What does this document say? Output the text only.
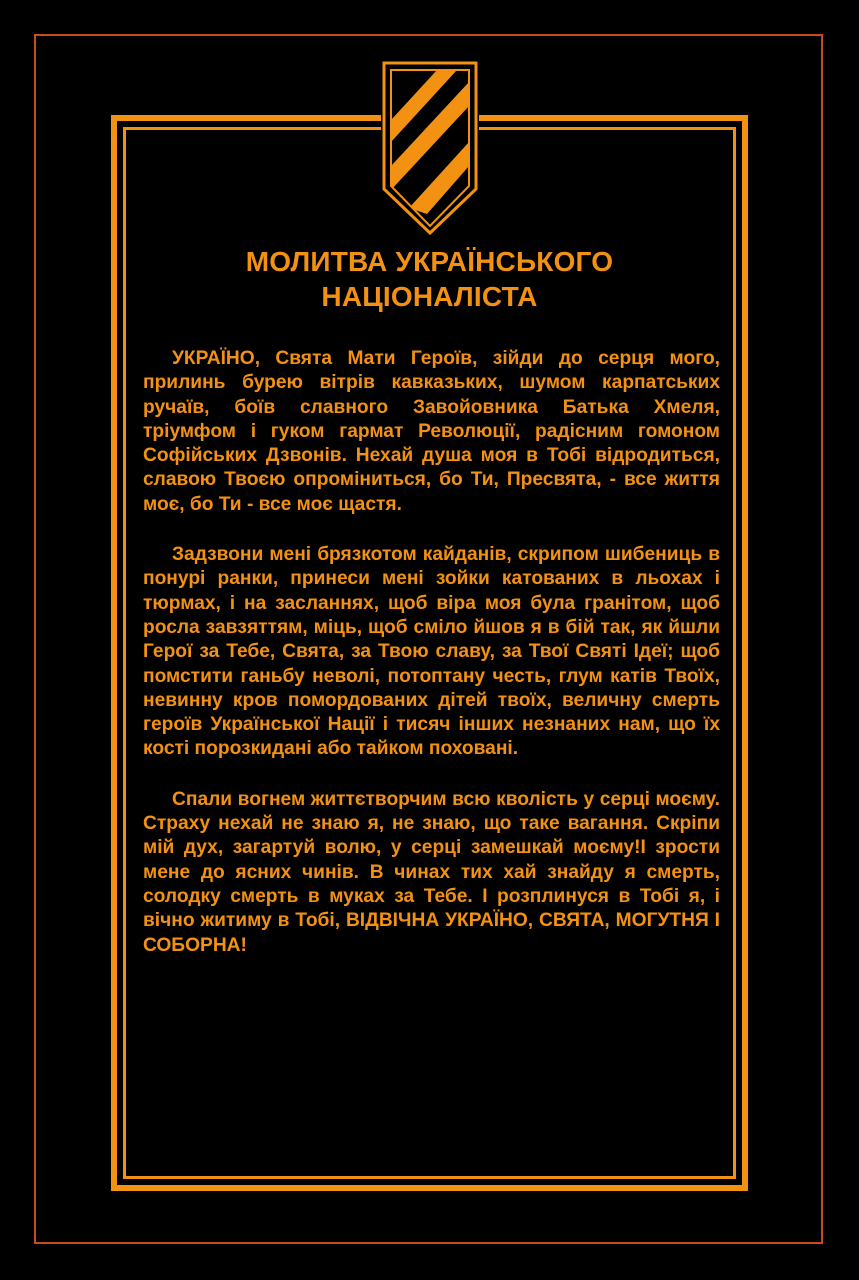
МОЛИТВА УКРАЇНСЬКОГО
НАЦІОНАЛІСТА

УКРАЇНО, Свята Мати Героїв, зійди до серця мого, прилинь бурею вітрів кавказьких, шумом карпатських ручаїв, боїв славного Завойовника Батька Хмеля, тріумфом і гуком гармат Революції, радісним гомоном Софійських Дзвонів. Нехай душа моя в Тобі відродиться, славою Твоєю опроміниться, бо Ти, Пресвята, - все життя моє, бо Ти - все моє щастя.

Задзвони мені брязкотом кайданів, скрипом шибениць в понурі ранки, принеси мені зойки катованих в льохах і тюрмах, і на засланнях, щоб віра моя була гранітом, щоб росла завзяттям, міць, щоб сміло йшов я в бій так, як йшли Герої за Тебе, Свята, за Твою славу, за Твої Святі Ідеї; щоб помстити ганьбу неволі, потоптану честь, глум катів Твоїх, невинну кров помордованих дітей твоїх, величну смерть героїв Української Нації і тисяч інших незнаних нам, що їх кості порозкидані або тайком поховані.

Спали вогнем життєтворчим всю кволість у серці моєму. Страху нехай не знаю я, не знаю, що таке вагання. Скріпи мій дух, загартуй волю, у серці замешкай моєму!І зрости мене до ясних чинів. В чинах тих хай знайду я смерть, солодку смерть в муках за Тебе. І розплинуся в Тобі я, і вічно житиму в Тобі, ВІДВІЧНА УКРАЇНО, СВЯТА, МОГУТНЯ І СОБОРНА!
